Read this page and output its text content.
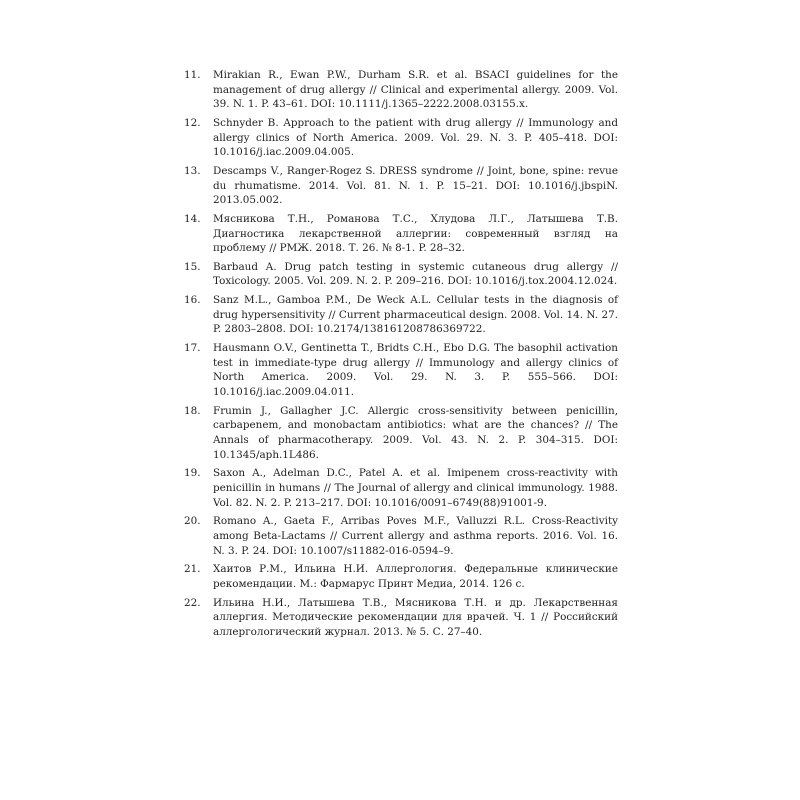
11.	Mirakian R., Ewan P.W., Durham S.R. et al. BSACI guidelines for the management of drug allergy // Clinical and experimental allergy. 2009. Vol. 39. N. 1. P. 43–61. DOI: 10.1111/j.1365–2222.2008.03155.x.
12.	Schnyder B. Approach to the patient with drug allergy // Immunology and allergy clinics of North America. 2009. Vol. 29. N. 3. P. 405–418. DOI: 10.1016/j.iac.2009.04.005.
13.	Descamps V., Ranger-Rogez S. DRESS syndrome // Joint, bone, spine: revue du rhumatisme. 2014. Vol. 81. N. 1. P. 15–21. DOI: 10.1016/j.jbspiN. 2013.05.002.
14.	Мясникова Т.Н., Романова Т.С., Хлудова Л.Г., Латышева Т.В. Диагностика лекарственной аллергии: современный взгляд на проблему // РМЖ. 2018. Т. 26. № 8-1. P. 28–32.
15.	Barbaud A. Drug patch testing in systemic cutaneous drug allergy // Toxicology. 2005. Vol. 209. N. 2. P. 209–216. DOI: 10.1016/j.tox.2004.12.024.
16.	Sanz M.L., Gamboa P.M., De Weck A.L. Cellular tests in the diagnosis of drug hypersensitivity // Current pharmaceutical design. 2008. Vol. 14. N. 27. P. 2803–2808. DOI: 10.2174/138161208786369722.
17.	Hausmann O.V., Gentinetta T., Bridts C.H., Ebo D.G. The basophil activation test in immediate-type drug allergy // Immunology and allergy clinics of North America. 2009. Vol. 29. N. 3. P. 555–566. DOI: 10.1016/j.iac.2009.04.011.
18.	Frumin J., Gallagher J.C. Allergic cross-sensitivity between penicillin, carbapenem, and monobactam antibiotics: what are the chances? // The Annals of pharmacotherapy. 2009. Vol. 43. N. 2. P. 304–315. DOI: 10.1345/aph.1L486.
19.	Saxon A., Adelman D.C., Patel A. et al. Imipenem cross-reactivity with penicillin in humans // The Journal of allergy and clinical immunology. 1988. Vol. 82. N. 2. P. 213–217. DOI: 10.1016/0091–6749(88)91001-9.
20.	Romano A., Gaeta F., Arribas Poves M.F., Valluzzi R.L. Cross-Reactivity among Beta-Lactams // Current allergy and asthma reports. 2016. Vol. 16. N. 3. P. 24. DOI: 10.1007/s11882-016-0594–9.
21.	Хаитов Р.М., Ильина Н.И. Аллергология. Федеральные клинические рекомендации. М.: Фармарус Принт Медиа, 2014. 126 с.
22.	Ильина Н.И., Латышева Т.В., Мясникова Т.Н. и др. Лекарственная аллергия. Методические рекомендации для врачей. Ч. 1 // Российский аллергологический журнал. 2013. № 5. С. 27–40.
